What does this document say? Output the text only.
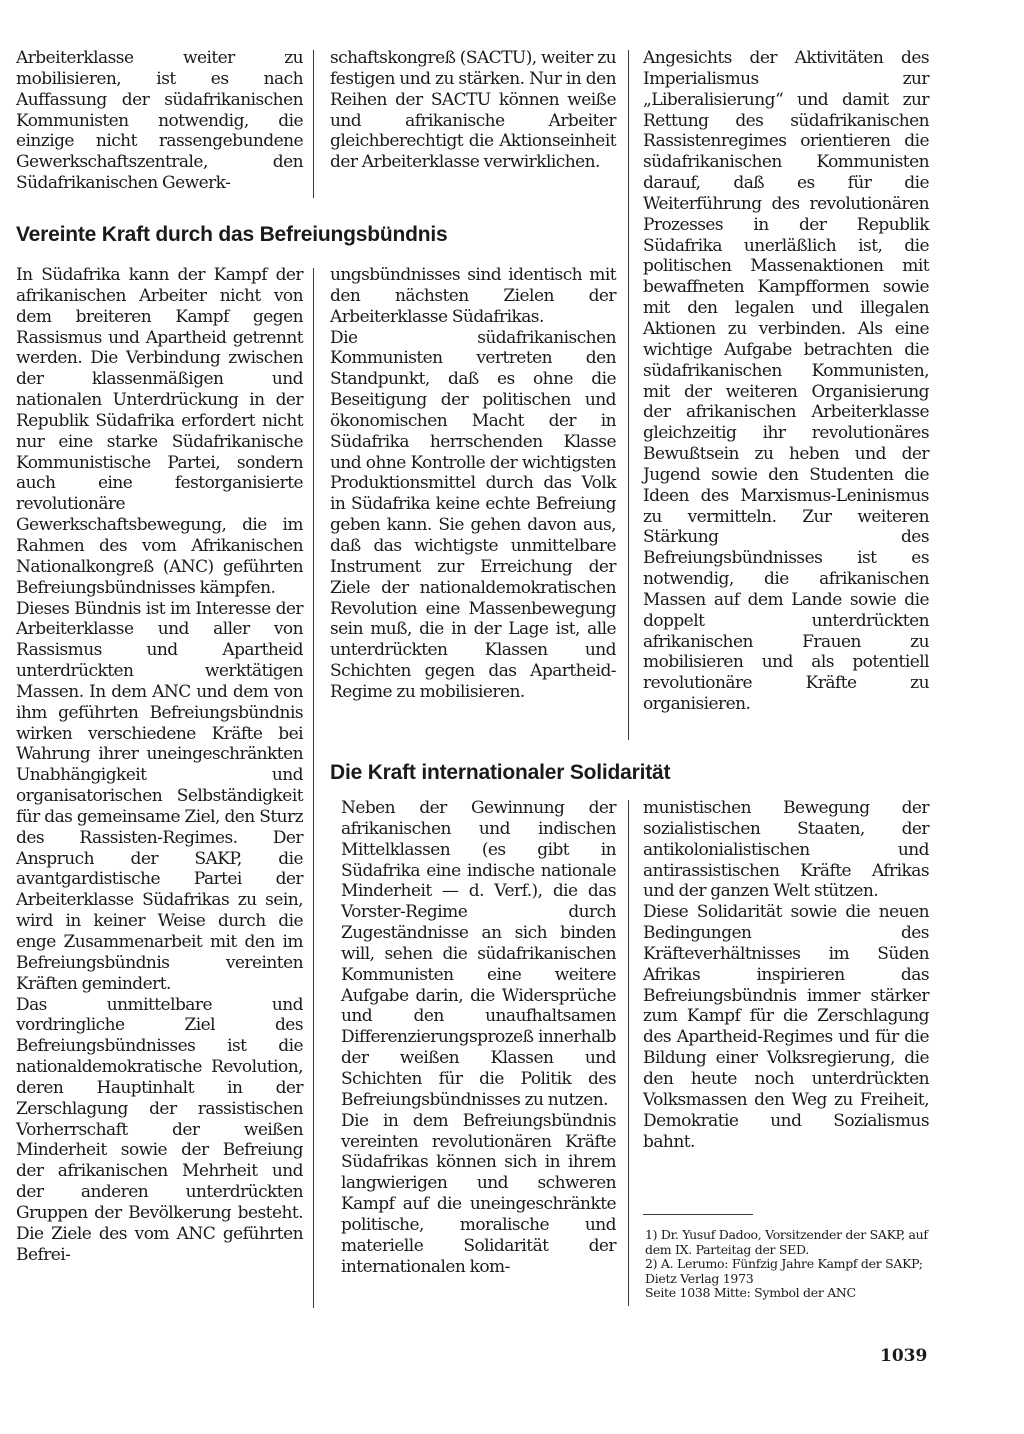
Arbeiterklasse weiter zu mobilisieren, ist es nach Auffassung der südafrikanischen Kommunisten notwendig, die einzige nicht rassengebundene Gewerkschaftszentrale, den Südafrikanischen Gewerk-

schaftskongreß (SACTU), weiter zu festigen und zu stärken. Nur in den Reihen der SACTU können weiße und afrikanische Arbeiter gleichberechtigt die Aktionseinheit der Arbeiterklasse verwirklichen.

Vereinte Kraft durch das Befreiungsbündnis

In Südafrika kann der Kampf der afrikanischen Arbeiter nicht von dem breiteren Kampf gegen Rassismus und Apartheid getrennt werden. Die Verbindung zwischen der klassenmäßigen und nationalen Unterdrückung in der Republik Südafrika erfordert nicht nur eine starke Südafrikanische Kommunistische Partei, sondern auch eine festorganisierte revolutionäre Gewerkschaftsbewegung, die im Rahmen des vom Afrikanischen Nationalkongreß (ANC) geführten Befreiungsbündnisses kämpfen.

Dieses Bündnis ist im Interesse der Arbeiterklasse und aller von Rassismus und Apartheid unterdrückten werktätigen Massen. In dem ANC und dem von ihm geführten Befreiungsbündnis wirken verschiedene Kräfte bei Wahrung ihrer uneingeschränkten Unabhängigkeit und organisatorischen Selbständigkeit für das gemeinsame Ziel, den Sturz des Rassisten-Regimes. Der Anspruch der SAKP, die avantgardistische Partei der Arbeiterklasse Südafrikas zu sein, wird in keiner Weise durch die enge Zusammenarbeit mit den im Befreiungsbündnis vereinten Kräften gemindert.

Das unmittelbare und vordringliche Ziel des Befreiungsbündnisses ist die nationaldemokratische Revolution, deren Hauptinhalt in der Zerschlagung der rassistischen Vorherrschaft der weißen Minderheit sowie der Befreiung der afrikanischen Mehrheit und der anderen unterdrückten Gruppen der Bevölkerung besteht. Die Ziele des vom ANC geführten Befrei-

ungsbündnisses sind identisch mit den nächsten Zielen der Arbeiterklasse Südafrikas.

Die südafrikanischen Kommunisten vertreten den Standpunkt, daß es ohne die Beseitigung der politischen und ökonomischen Macht der in Südafrika herrschenden Klasse und ohne Kontrolle der wichtigsten Produktionsmittel durch das Volk in Südafrika keine echte Befreiung geben kann. Sie gehen davon aus, daß das wichtigste unmittelbare Instrument zur Erreichung der Ziele der nationaldemokratischen Revolution eine Massenbewegung sein muß, die in der Lage ist, alle unterdrückten Klassen und Schichten gegen das Apartheid-Regime zu mobilisieren.

Angesichts der Aktivitäten des Imperialismus zur „Liberalisierung“ und damit zur Rettung des südafrikanischen Rassistenregimes orientieren die südafrikanischen Kommunisten darauf, daß es für die Weiterführung des revolutionären Prozesses in der Republik Südafrika unerläßlich ist, die politischen Massenaktionen mit bewaffneten Kampfformen sowie mit den legalen und illegalen Aktionen zu verbinden. Als eine wichtige Aufgabe betrachten die südafrikanischen Kommunisten, mit der weiteren Organisierung der afrikanischen Arbeiterklasse gleichzeitig ihr revolutionäres Bewußtsein zu heben und der Jugend sowie den Studenten die Ideen des Marxismus-Leninismus zu vermitteln. Zur weiteren Stärkung des Befreiungsbündnisses ist es notwendig, die afrikanischen Massen auf dem Lande sowie die doppelt unterdrückten afrikanischen Frauen zu mobilisieren und als potentiell revolutionäre Kräfte zu organisieren.

Die Kraft internationaler Solidarität

Neben der Gewinnung der afrikanischen und indischen Mittelklassen (es gibt in Südafrika eine indische nationale Minderheit — d. Verf.), die das Vorster-Regime durch Zugeständnisse an sich binden will, sehen die südafrikanischen Kommunisten eine weitere Aufgabe darin, die Widersprüche und den unaufhaltsamen Differenzierungsprozeß innerhalb der weißen Klassen und Schichten für die Politik des Befreiungsbündnisses zu nutzen.

Die in dem Befreiungsbündnis vereinten revolutionären Kräfte Südafrikas können sich in ihrem langwierigen und schweren Kampf auf die uneingeschränkte politische, moralische und materielle Solidarität der internationalen kom-

munistischen Bewegung der sozialistischen Staaten, der antikolonialistischen und antirassistischen Kräfte Afrikas und der ganzen Welt stützen.

Diese Solidarität sowie die neuen Bedingungen des Kräfteverhältnisses im Süden Afrikas inspirieren das Befreiungsbündnis immer stärker zum Kampf für die Zerschlagung des Apartheid-Regimes und für die Bildung einer Volksregierung, die den heute noch unterdrückten Volksmassen den Weg zu Freiheit, Demokratie und Sozialismus bahnt.

1) Dr. Yusuf Dadoo, Vorsitzender der SAKP, auf dem IX. Parteitag der SED.
2) A. Lerumo: Fünfzig Jahre Kampf der SAKP; Dietz Verlag 1973
Seite 1038 Mitte: Symbol der ANC
1039
